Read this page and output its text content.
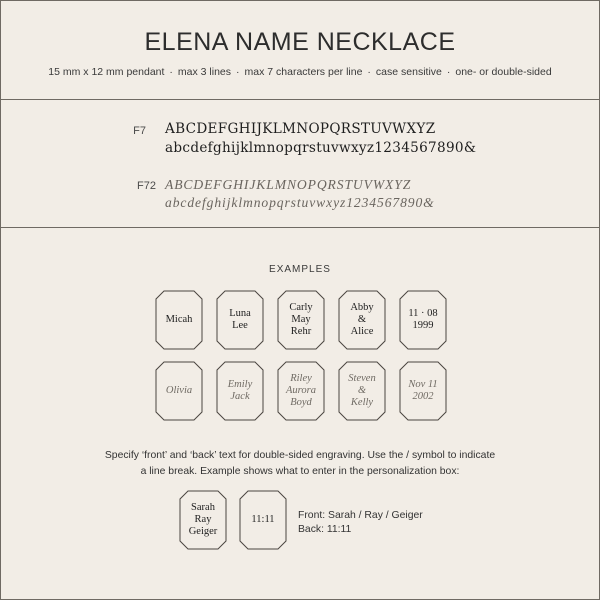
ELENA NAME NECKLACE
15 mm x 12 mm pendant · max 3 lines · max 7 characters per line · case sensitive · one- or double-sided
F7 ABCDEFGHIJKLMNOPQRSTUVWXYZ
abcdefghijklmnopqrstuvwxyz1234567890&
F72 ABCDEFGHIJKLMNOPQRSTUVWXYZ
abcdefghijklmnopqrstuvwxyz1234567890&
EXAMPLES
Micah
Luna
Lee
Carly
May
Rehr
Abby
&
Alice
11 · 08
1999
Olivia
Emily
Jack
Riley
Aurora
Boyd
Steven
&
Kelly
Nov 11
2002
Specify ‘front’ and ‘back’ text for double-sided engraving. Use the / symbol to indicate
a line break. Example shows what to enter in the personalization box:
Sarah
Ray
Geiger
11:11	Front: Sarah / Ray / Geiger
Back: 11:11
